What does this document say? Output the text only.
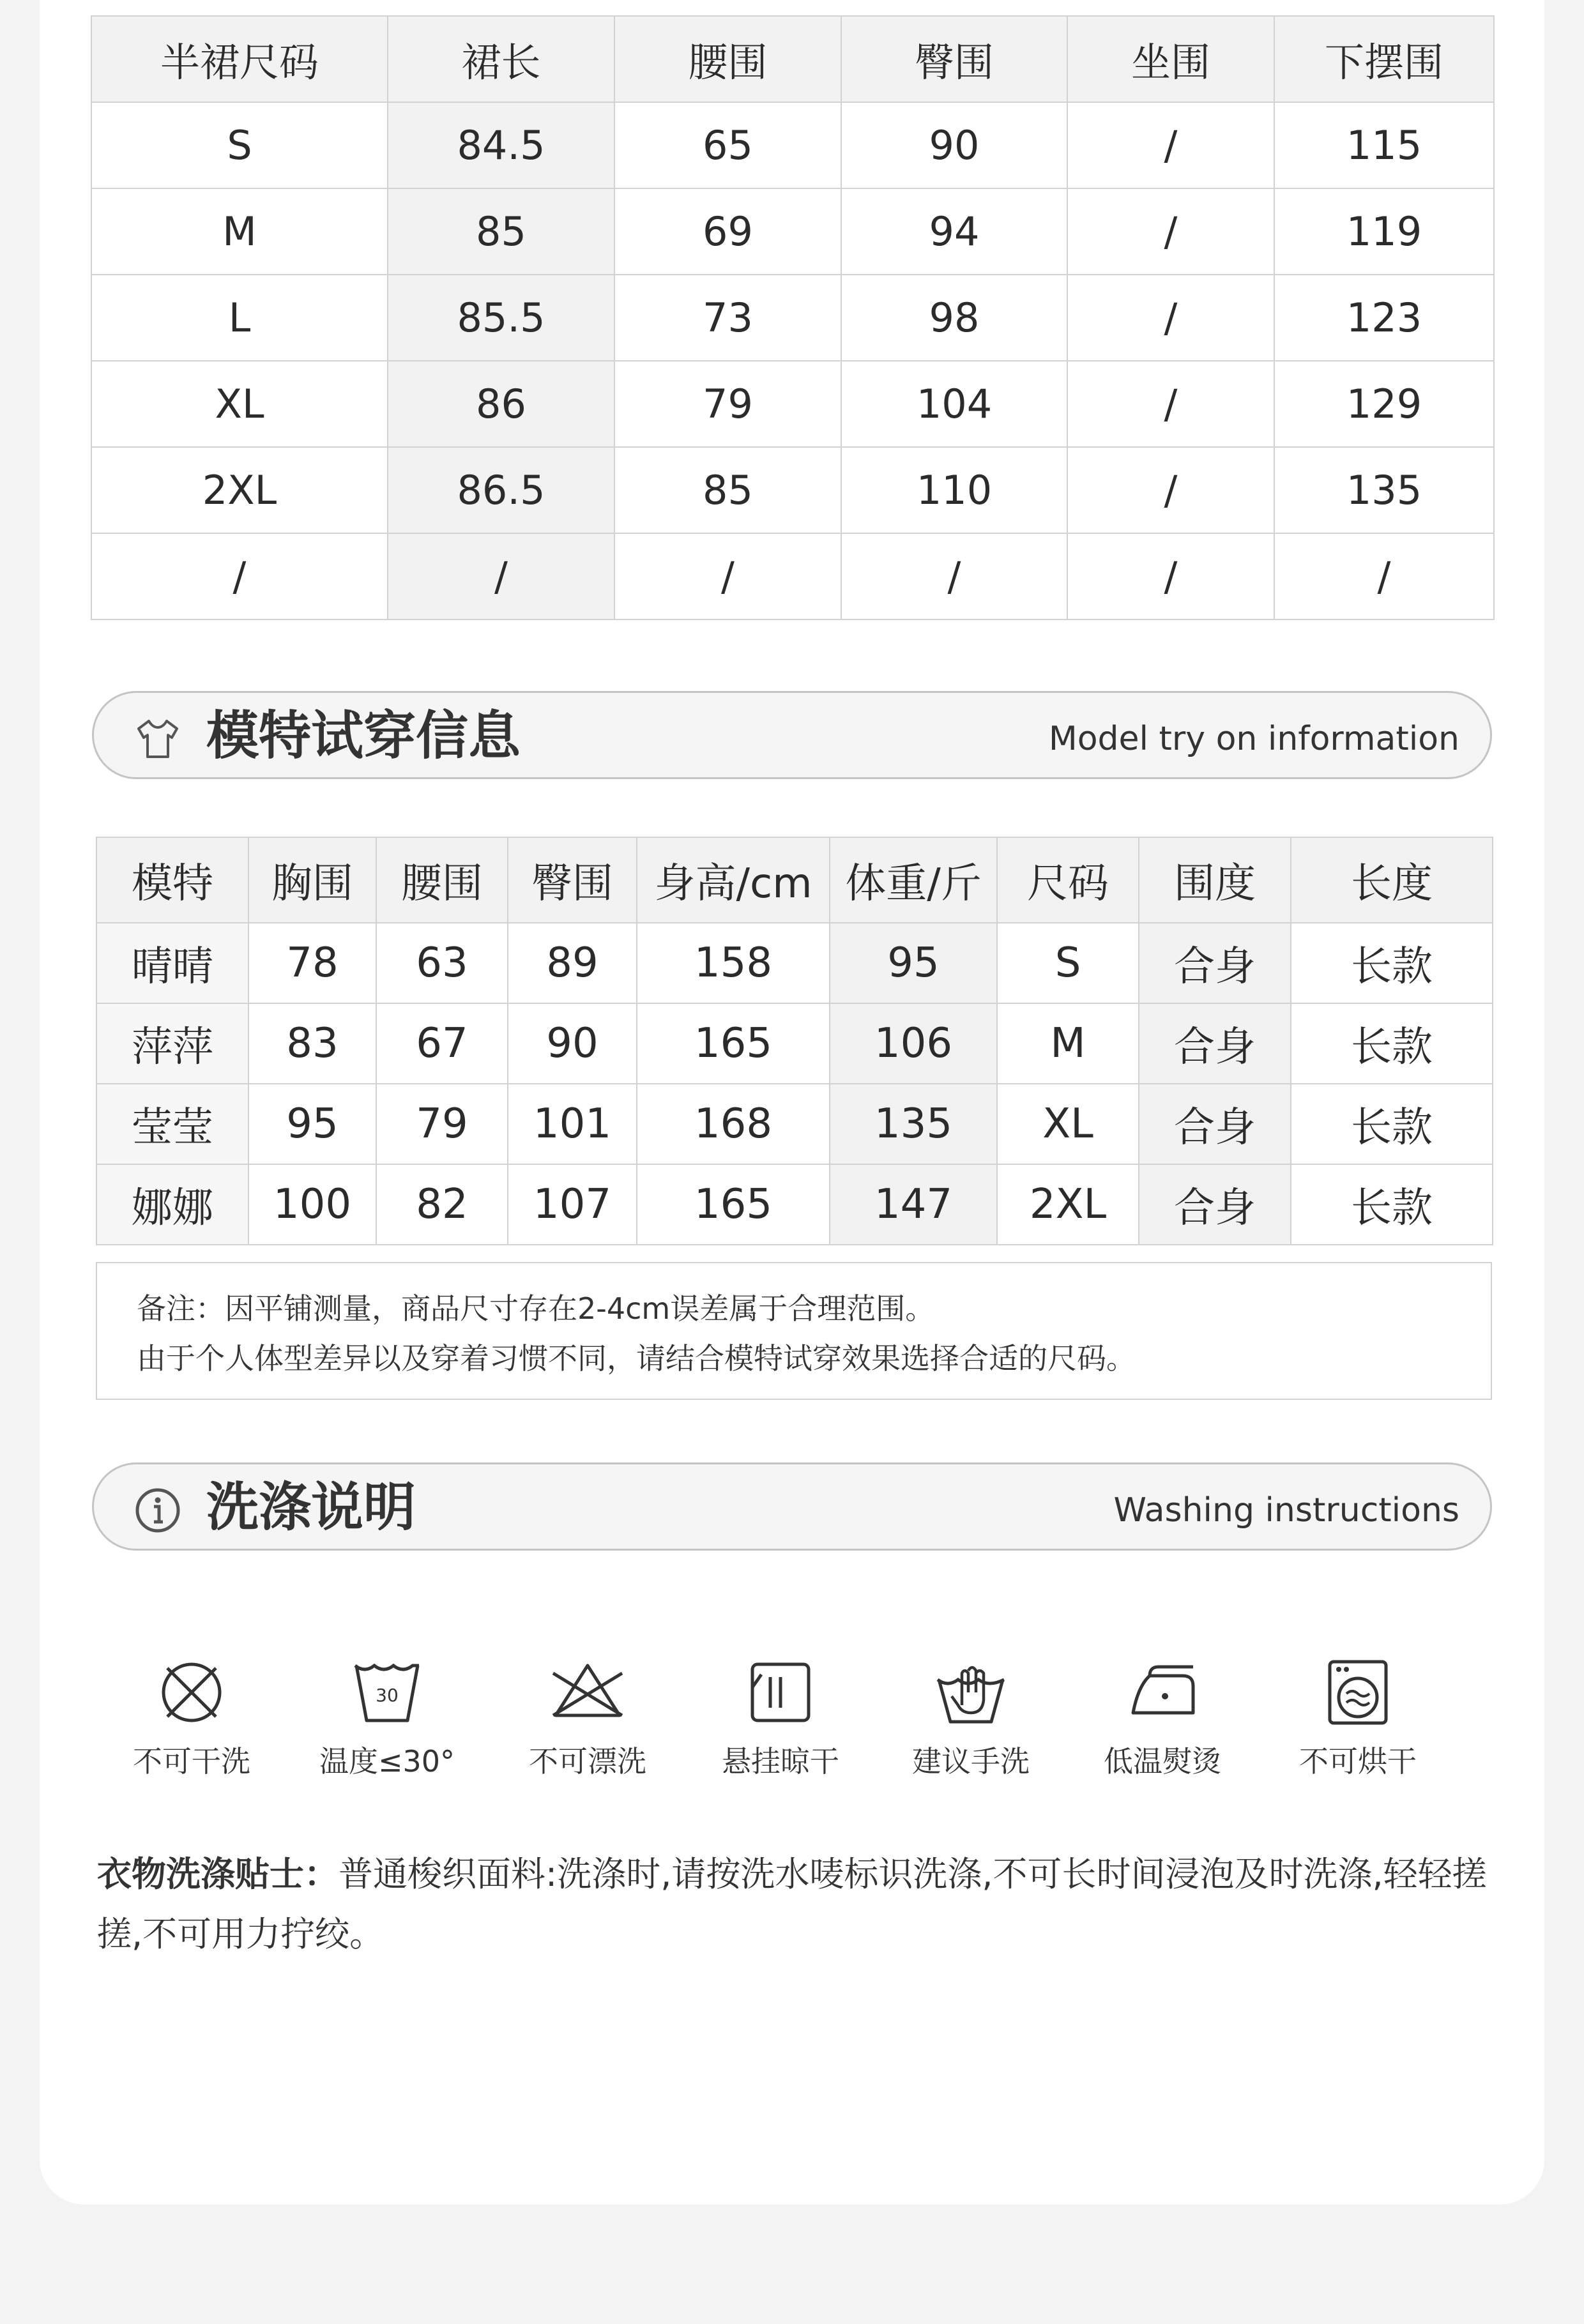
半裙尺码	裙长	腰围	臀围	坐围	下摆围
S	84.5	65	90	/	115
M	85	69	94	/	119
L	85.5	73	98	/	123
XL	86	79	104	/	129
2XL	86.5	85	110	/	135
/	/	/	/	/	/
模特试穿信息	Model try on information
模特	胸围	腰围	臀围	身高/cm	体重/斤	尺码	围度	长度
晴晴	78	63	89	158	95	S	合身	长款
萍萍	83	67	90	165	106	M	合身	长款
莹莹	95	79	101	168	135	XL	合身	长款
娜娜	100	82	107	165	147	2XL	合身	长款
备注：因平铺测量，商品尺寸存在2-4cm误差属于合理范围。
由于个人体型差异以及穿着习惯不同，请结合模特试穿效果选择合适的尺码。
洗涤说明	Washing instructions
不可干洗
30
温度≤30°	不可漂洗	悬挂晾干	建议手洗	低温熨烫	不可烘干
衣物洗涤贴士：普通梭织面料:洗涤时,请按洗水唛标识洗涤,不可长时间浸泡及时洗涤,轻轻搓搓,不可用力拧绞。
